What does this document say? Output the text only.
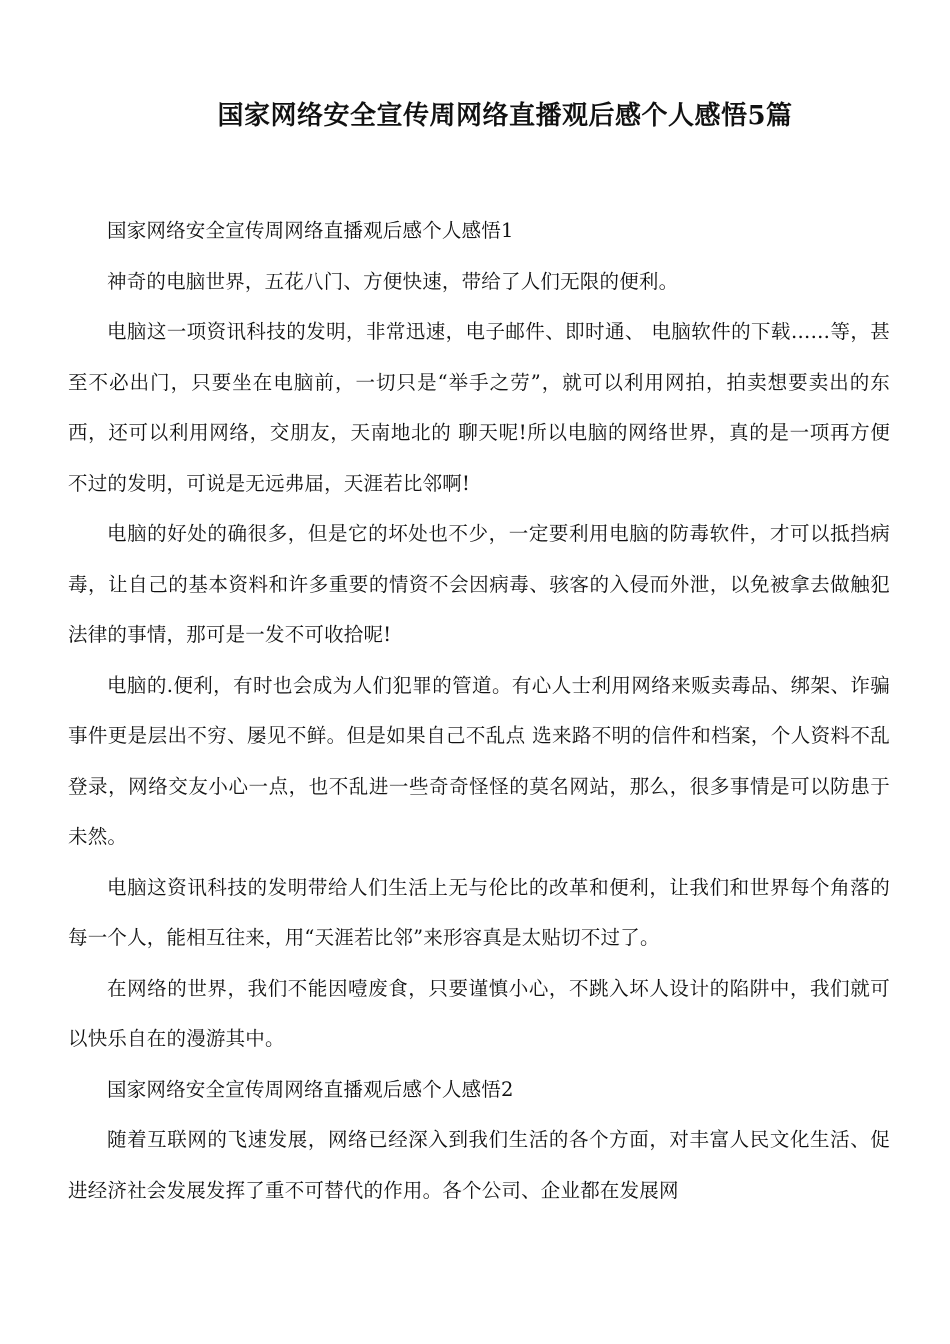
国家网络安全宣传周网络直播观后感个人感悟5篇

国家网络安全宣传周网络直播观后感个人感悟1

神奇的电脑世界，五花八门、方便快速，带给了人们无限的便利。

电脑这一项资讯科技的发明，非常迅速，电子邮件、即时通、 电脑软件的下载……等，甚至不必出门，只要坐在电脑前，一切只是“举手之劳”，就可以利用网拍，拍卖想要卖出的东西，还可以利用网络，交朋友，天南地北的 聊天呢!所以电脑的网络世界，真的是一项再方便不过的发明，可说是无远弗届，天涯若比邻啊!

电脑的好处的确很多，但是它的坏处也不少，一定要利用电脑的防毒软件，才可以抵挡病毒，让自己的基本资料和许多重要的情资不会因病毒、骇客的入侵而外泄，以免被拿去做触犯法律的事情，那可是一发不可收拾呢!

电脑的.便利，有时也会成为人们犯罪的管道。有心人士利用网络来贩卖毒品、绑架、诈骗事件更是层出不穷、屡见不鲜。但是如果自己不乱点 选来路不明的信件和档案，个人资料不乱登录，网络交友小心一点，也不乱进一些奇奇怪怪的莫名网站，那么，很多事情是可以防患于未然。

电脑这资讯科技的发明带给人们生活上无与伦比的改革和便利，让我们和世界每个角落的每一个人，能相互往来，用“天涯若比邻”来形容真是太贴切不过了。

在网络的世界，我们不能因噎废食，只要谨慎小心，不跳入坏人设计的陷阱中，我们就可以快乐自在的漫游其中。

国家网络安全宣传周网络直播观后感个人感悟2

随着互联网的飞速发展，网络已经深入到我们生活的各个方面，对丰富人民文化生活、促进经济社会发展发挥了重不可替代的作用。各个公司、企业都在发展网
